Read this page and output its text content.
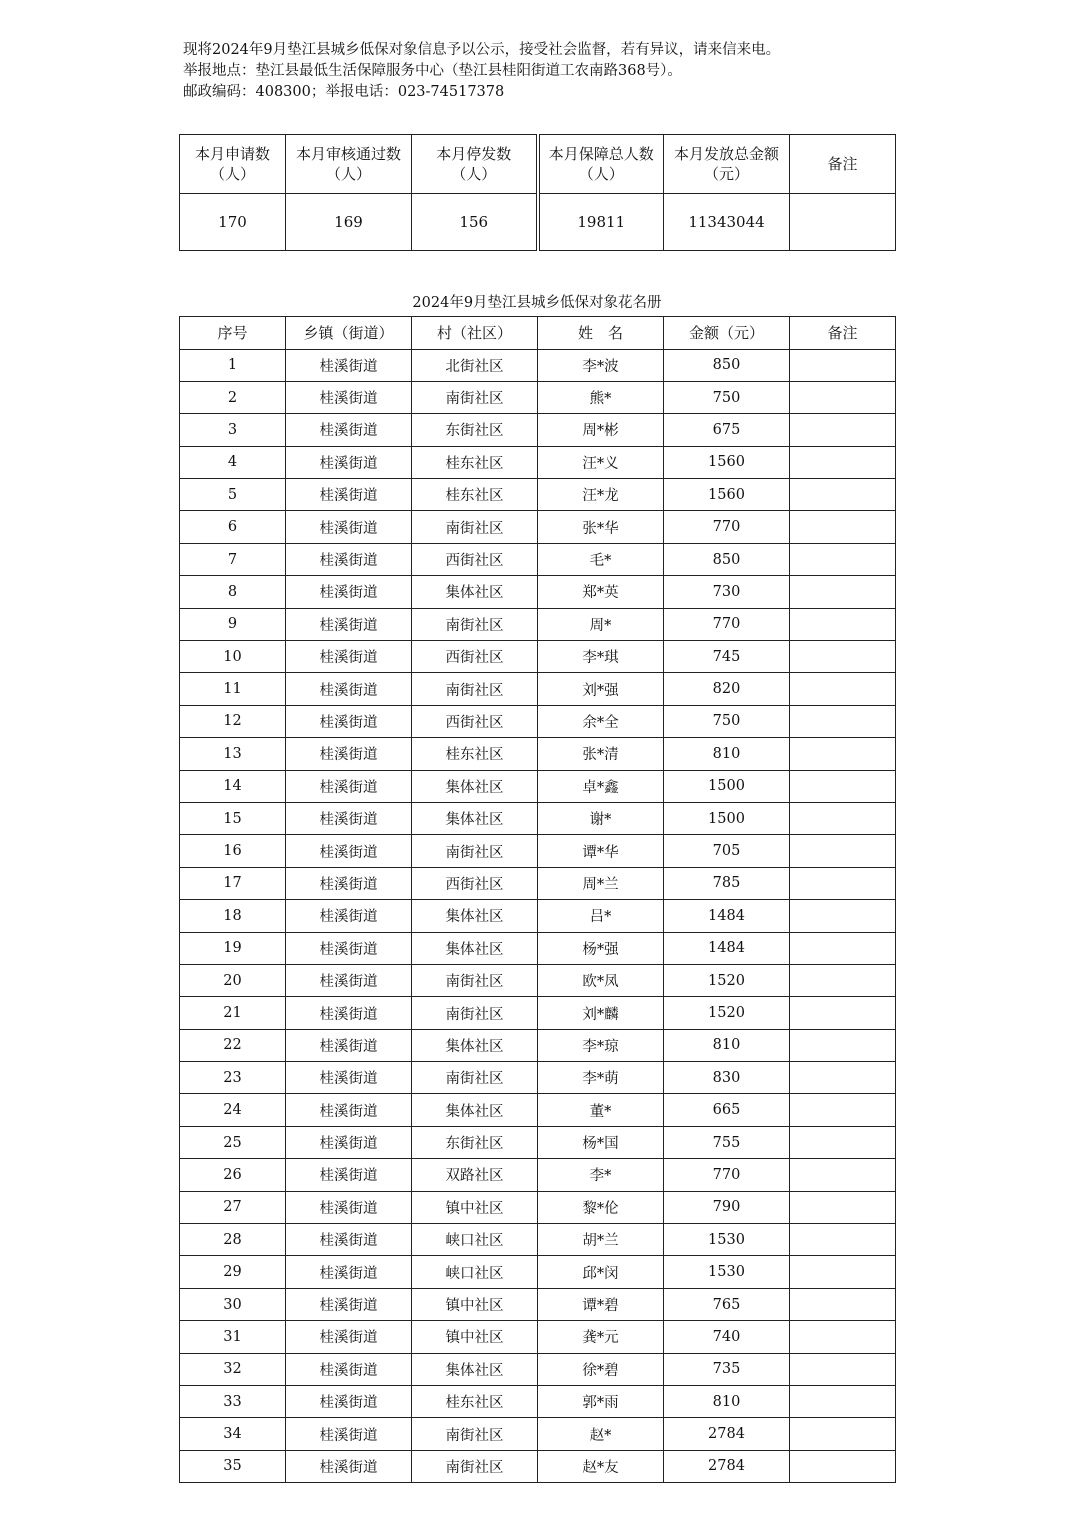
现将2024年9月垫江县城乡低保对象信息予以公示，接受社会监督，若有异议，请来信来电。
举报地点：垫江县最低生活保障服务中心（垫江县桂阳街道工农南路368号）。
邮政编码：408300；举报电话：023-74517378
本月申请数
（人）	本月审核通过数
（人）	本月停发数
（人）	本月保障总人数
（人）	本月发放总金额
（元）	备注
170	169	156	19811	11343044	
2024年9月垫江县城乡低保对象花名册
序号	乡镇（街道）	村（社区）	姓　名	金额（元）	备注
1	桂溪街道	北街社区	李*波	850	
2	桂溪街道	南街社区	熊*	750	
3	桂溪街道	东街社区	周*彬	675	
4	桂溪街道	桂东社区	汪*义	1560	
5	桂溪街道	桂东社区	汪*龙	1560	
6	桂溪街道	南街社区	张*华	770	
7	桂溪街道	西街社区	毛*	850	
8	桂溪街道	集体社区	郑*英	730	
9	桂溪街道	南街社区	周*	770	
10	桂溪街道	西街社区	李*琪	745	
11	桂溪街道	南街社区	刘*强	820	
12	桂溪街道	西街社区	余*全	750	
13	桂溪街道	桂东社区	张*清	810	
14	桂溪街道	集体社区	卓*鑫	1500	
15	桂溪街道	集体社区	谢*	1500	
16	桂溪街道	南街社区	谭*华	705	
17	桂溪街道	西街社区	周*兰	785	
18	桂溪街道	集体社区	吕*	1484	
19	桂溪街道	集体社区	杨*强	1484	
20	桂溪街道	南街社区	欧*凤	1520	
21	桂溪街道	南街社区	刘*麟	1520	
22	桂溪街道	集体社区	李*琼	810	
23	桂溪街道	南街社区	李*萌	830	
24	桂溪街道	集体社区	董*	665	
25	桂溪街道	东街社区	杨*国	755	
26	桂溪街道	双路社区	李*	770	
27	桂溪街道	镇中社区	黎*伦	790	
28	桂溪街道	峡口社区	胡*兰	1530	
29	桂溪街道	峡口社区	邱*闵	1530	
30	桂溪街道	镇中社区	谭*碧	765	
31	桂溪街道	镇中社区	龚*元	740	
32	桂溪街道	集体社区	徐*碧	735	
33	桂溪街道	桂东社区	郭*雨	810	
34	桂溪街道	南街社区	赵*	2784	
35	桂溪街道	南街社区	赵*友	2784	
